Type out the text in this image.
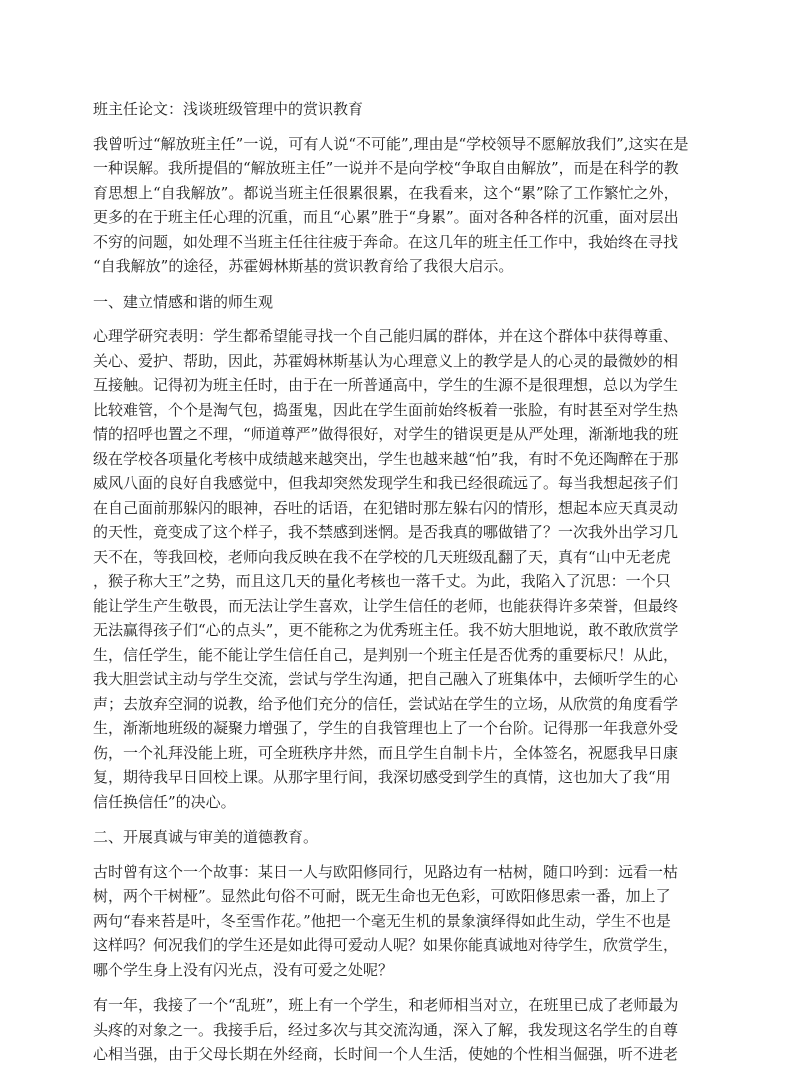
班主任论文：浅谈班级管理中的赏识教育

我曾听过“解放班主任”一说，可有人说“不可能”,理由是“学校领导不愿解放我们”,这实在是
一种误解。我所提倡的“解放班主任”一说并不是向学校“争取自由解放”，而是在科学的教
育思想上“自我解放”。都说当班主任很累很累，在我看来，这个“累”除了工作繁忙之外，
更多的在于班主任心理的沉重，而且“心累”胜于“身累”。面对各种各样的沉重，面对层出
不穷的问题，如处理不当班主任往往疲于奔命。在这几年的班主任工作中，我始终在寻找
“自我解放”的途径，苏霍姆林斯基的赏识教育给了我很大启示。

一、建立情感和谐的师生观

心理学研究表明：学生都希望能寻找一个自己能归属的群体，并在这个群体中获得尊重、
关心、爱护、帮助，因此，苏霍姆林斯基认为心理意义上的教学是人的心灵的最微妙的相
互接触。记得初为班主任时，由于在一所普通高中，学生的生源不是很理想，总以为学生
比较难管，个个是淘气包，捣蛋鬼，因此在学生面前始终板着一张脸，有时甚至对学生热
情的招呼也置之不理，“师道尊严”做得很好，对学生的错误更是从严处理，渐渐地我的班
级在学校各项量化考核中成绩越来越突出，学生也越来越“怕”我，有时不免还陶醉在于那
威风八面的良好自我感觉中，但我却突然发现学生和我已经很疏远了。每当我想起孩子们
在自己面前那躲闪的眼神，吞吐的话语，在犯错时那左躲右闪的情形，想起本应天真灵动
的天性，竟变成了这个样子，我不禁感到迷惘。是否我真的哪做错了？一次我外出学习几
天不在，等我回校，老师向我反映在我不在学校的几天班级乱翻了天，真有“山中无老虎
，猴子称大王”之势，而且这几天的量化考核也一落千丈。为此，我陷入了沉思：一个只
能让学生产生敬畏，而无法让学生喜欢，让学生信任的老师，也能获得许多荣誉，但最终
无法赢得孩子们“心的点头”，更不能称之为优秀班主任。我不妨大胆地说，敢不敢欣赏学
生，信任学生，能不能让学生信任自己，是判别一个班主任是否优秀的重要标尺！从此，
我大胆尝试主动与学生交流，尝试与学生沟通，把自己融入了班集体中，去倾听学生的心
声；去放弃空洞的说教，给予他们充分的信任，尝试站在学生的立场，从欣赏的角度看学
生，渐渐地班级的凝聚力增强了，学生的自我管理也上了一个台阶。记得那一年我意外受
伤，一个礼拜没能上班，可全班秩序井然，而且学生自制卡片，全体签名，祝愿我早日康
复，期待我早日回校上课。从那字里行间，我深切感受到学生的真情，这也加大了我“用
信任换信任”的决心。

二、开展真诚与审美的道德教育。

古时曾有这个一个故事：某日一人与欧阳修同行，见路边有一枯树，随口吟到：远看一枯
树，两个干树桠”。显然此句俗不可耐，既无生命也无色彩，可欧阳修思索一番，加上了
两句“春来苔是叶，冬至雪作花。”他把一个毫无生机的景象演绎得如此生动，学生不也是
这样吗？何况我们的学生还是如此得可爱动人呢？如果你能真诚地对待学生，欣赏学生，
哪个学生身上没有闪光点，没有可爱之处呢？
有一年，我接了一个“乱班”，班上有一个学生，和老师相当对立，在班里已成了老师最为
头疼的对象之一。我接手后，经过多次与其交流沟通，深入了解，我发现这名学生的自尊
心相当强，由于父母长期在外经商，长时间一个人生活，使她的个性相当倔强，听不进老
